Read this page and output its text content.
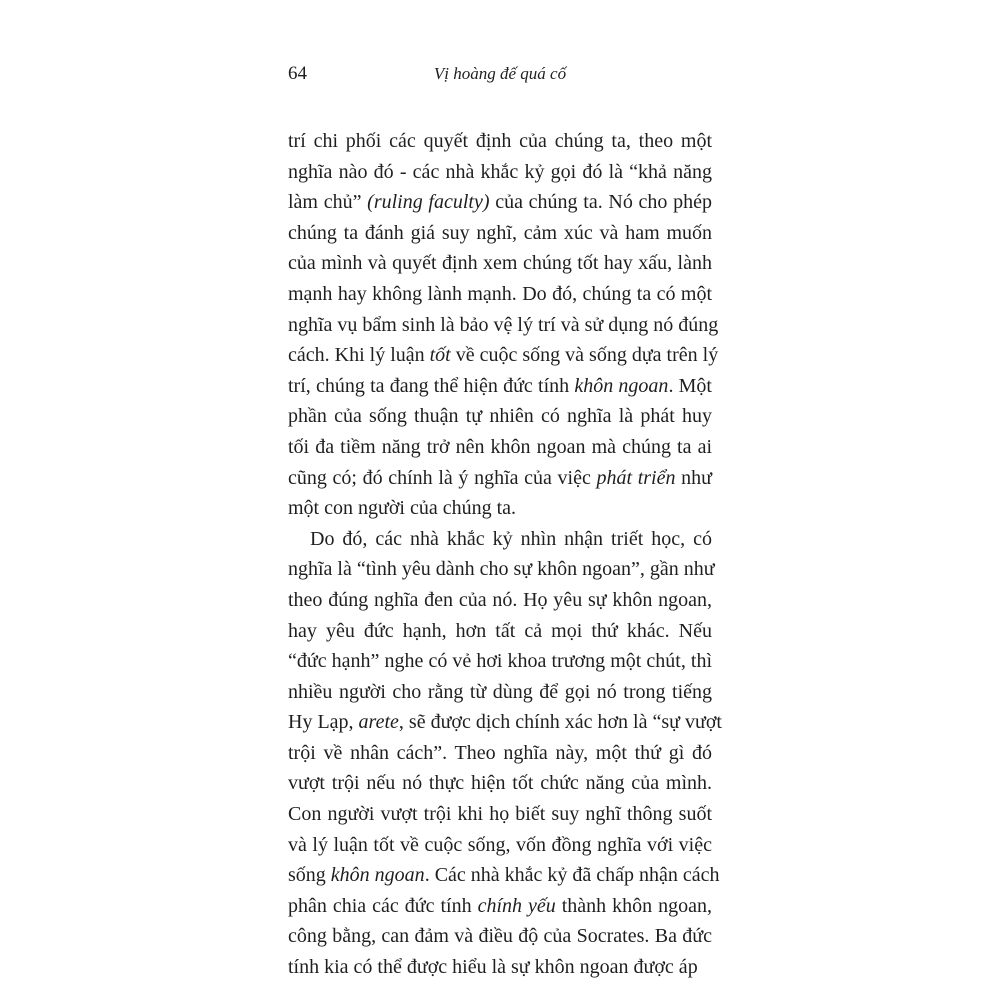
64	Vị hoàng đế quá cố
trí chi phối các quyết định của chúng ta, theo một
nghĩa nào đó - các nhà khắc kỷ gọi đó là “khả năng
làm chủ” (ruling faculty) của chúng ta. Nó cho phép
chúng ta đánh giá suy nghĩ, cảm xúc và ham muốn
của mình và quyết định xem chúng tốt hay xấu, lành
mạnh hay không lành mạnh. Do đó, chúng ta có một
nghĩa vụ bẩm sinh là bảo vệ lý trí và sử dụng nó đúng
cách. Khi lý luận tốt về cuộc sống và sống dựa trên lý
trí, chúng ta đang thể hiện đức tính khôn ngoan. Một
phần của sống thuận tự nhiên có nghĩa là phát huy
tối đa tiềm năng trở nên khôn ngoan mà chúng ta ai
cũng có; đó chính là ý nghĩa của việc phát triển như
một con người của chúng ta.
Do đó, các nhà khắc kỷ nhìn nhận triết học, có
nghĩa là “tình yêu dành cho sự khôn ngoan”, gần như
theo đúng nghĩa đen của nó. Họ yêu sự khôn ngoan,
hay yêu đức hạnh, hơn tất cả mọi thứ khác. Nếu
“đức hạnh” nghe có vẻ hơi khoa trương một chút, thì
nhiều người cho rằng từ dùng để gọi nó trong tiếng
Hy Lạp, arete, sẽ được dịch chính xác hơn là “sự vượt
trội về nhân cách”. Theo nghĩa này, một thứ gì đó
vượt trội nếu nó thực hiện tốt chức năng của mình.
Con người vượt trội khi họ biết suy nghĩ thông suốt
và lý luận tốt về cuộc sống, vốn đồng nghĩa với việc
sống khôn ngoan. Các nhà khắc kỷ đã chấp nhận cách
phân chia các đức tính chính yếu thành khôn ngoan,
công bằng, can đảm và điều độ của Socrates. Ba đức
tính kia có thể được hiểu là sự khôn ngoan được áp
